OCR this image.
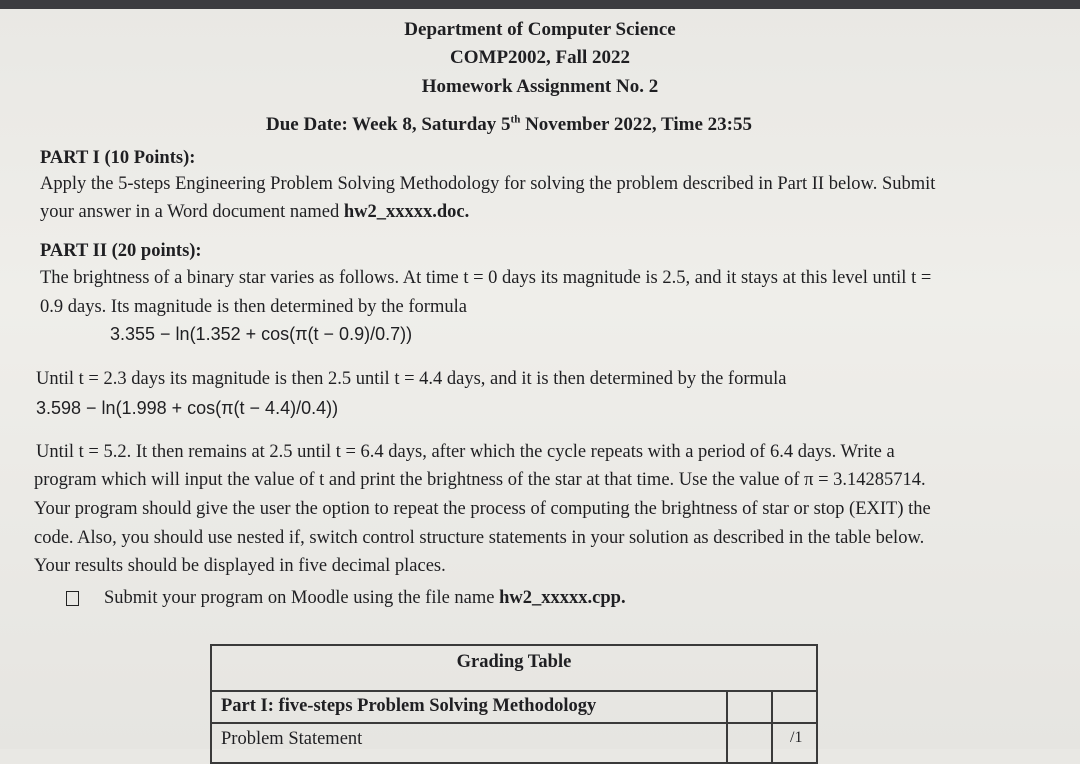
Department of Computer Science
COMP2002, Fall 2022
Homework Assignment No. 2
Due Date: Week 8, Saturday 5th November 2022, Time 23:55
PART I (10 Points):
Apply the 5-steps Engineering Problem Solving Methodology for solving the problem described in Part II below. Submit
your answer in a Word document named hw2_xxxxx.doc.
PART II (20 points):
The brightness of a binary star varies as follows. At time t = 0 days its magnitude is 2.5, and it stays at this level until t =
0.9 days. Its magnitude is then determined by the formula
3.355 − ln(1.352 + cos(π(t − 0.9)/0.7))
Until t = 2.3 days its magnitude is then 2.5 until t = 4.4 days, and it is then determined by the formula
3.598 − ln(1.998 + cos(π(t − 4.4)/0.4))
Until t = 5.2. It then remains at 2.5 until t = 6.4 days, after which the cycle repeats with a period of 6.4 days. Write a
program which will input the value of t and print the brightness of the star at that time. Use the value of π = 3.14285714.
Your program should give the user the option to repeat the process of computing the brightness of star or stop (EXIT) the
code. Also, you should use nested if, switch control structure statements in your solution as described in the table below.
Your results should be displayed in five decimal places.
Submit your program on Moodle using the file name hw2_xxxxx.cpp.
Grading Table
Part I: five-steps Problem Solving Methodology
Problem Statement	/1
